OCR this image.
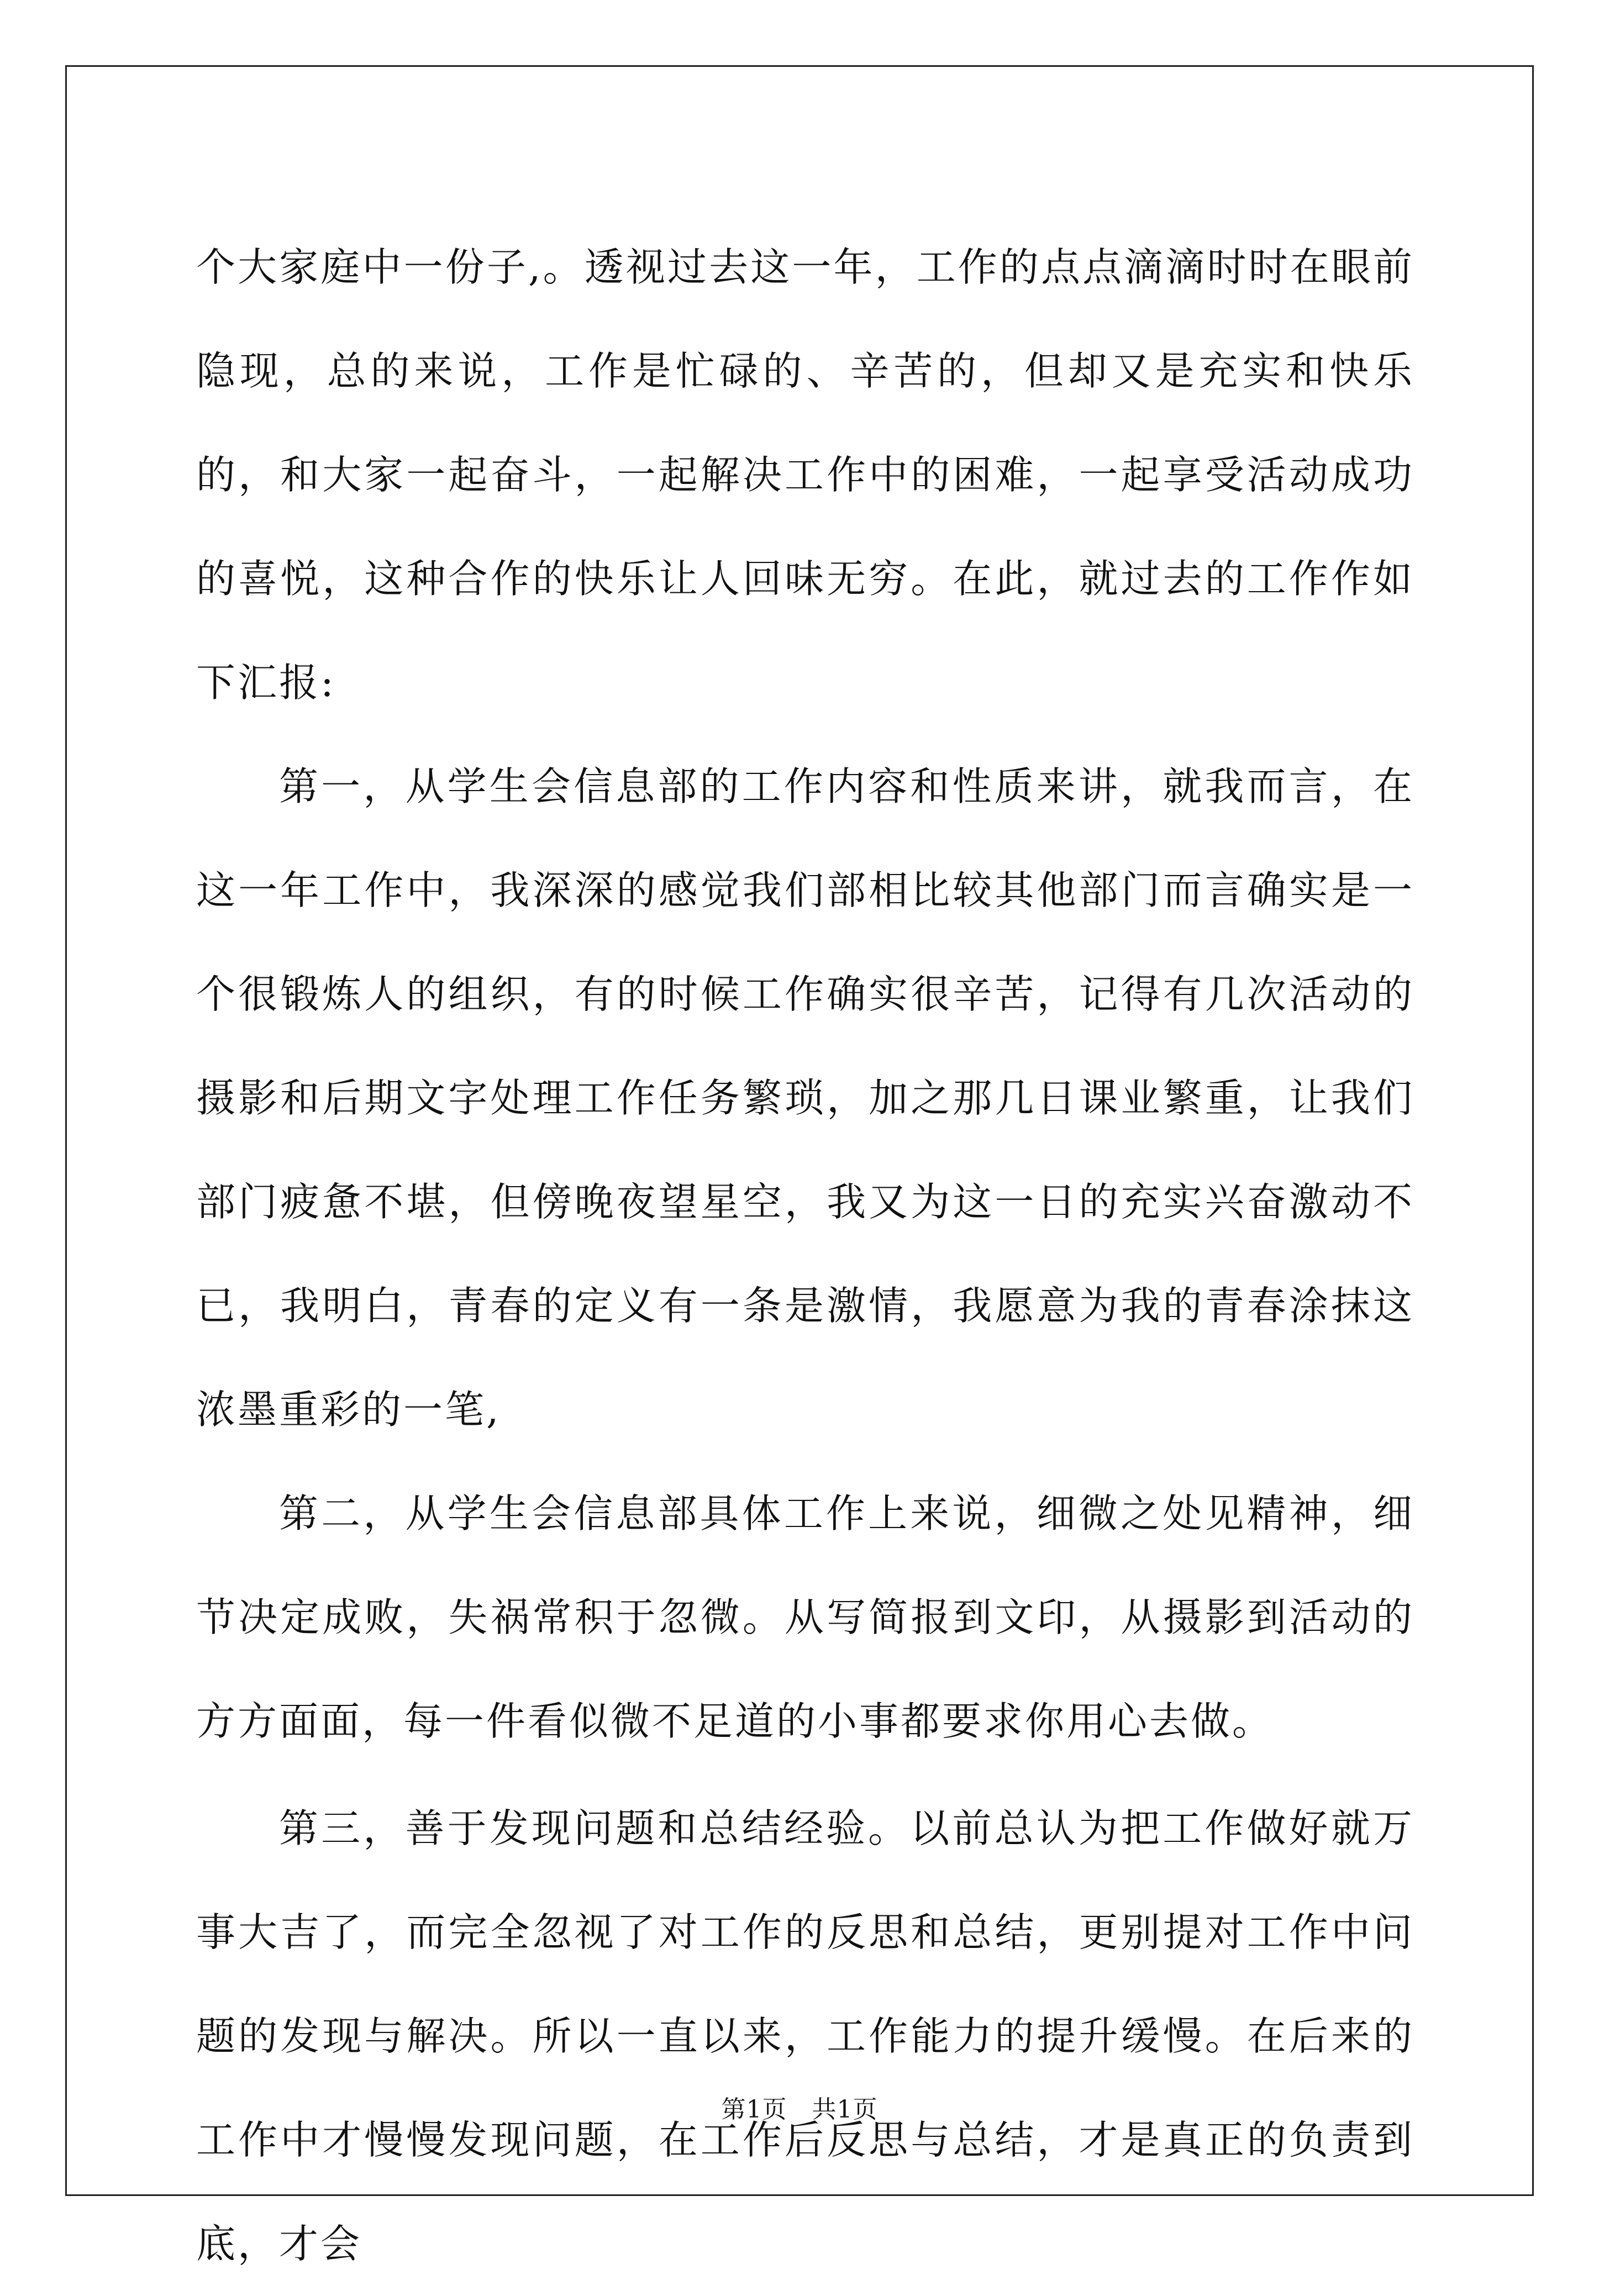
个大家庭中一份子,。透视过去这一年，工作的点点滴滴时时在眼前隐现，总的来说，工作是忙碌的、辛苦的，但却又是充实和快乐的，和大家一起奋斗，一起解决工作中的困难，一起享受活动成功的喜悦，这种合作的快乐让人回味无穷。在此，就过去的工作作如下汇报:

第一，从学生会信息部的工作内容和性质来讲，就我而言，在这一年工作中，我深深的感觉我们部相比较其他部门而言确实是一个很锻炼人的组织，有的时候工作确实很辛苦，记得有几次活动的摄影和后期文字处理工作任务繁琐，加之那几日课业繁重，让我们部门疲惫不堪，但傍晚夜望星空，我又为这一日的充实兴奋激动不已，我明白，青春的定义有一条是激情，我愿意为我的青春涂抹这浓墨重彩的一笔,

第二，从学生会信息部具体工作上来说，细微之处见精神，细节决定成败，失祸常积于忽微。从写简报到文印，从摄影到活动的方方面面，每一件看似微不足道的小事都要求你用心去做。

第三，善于发现问题和总结经验。以前总认为把工作做好就万事大吉了，而完全忽视了对工作的反思和总结，更别提对工作中问题的发现与解决。所以一直以来，工作能力的提升缓慢。在后来的工作中才慢慢发现问题，在工作后反思与总结，才是真正的负责到底，才会

第1页　共1页
